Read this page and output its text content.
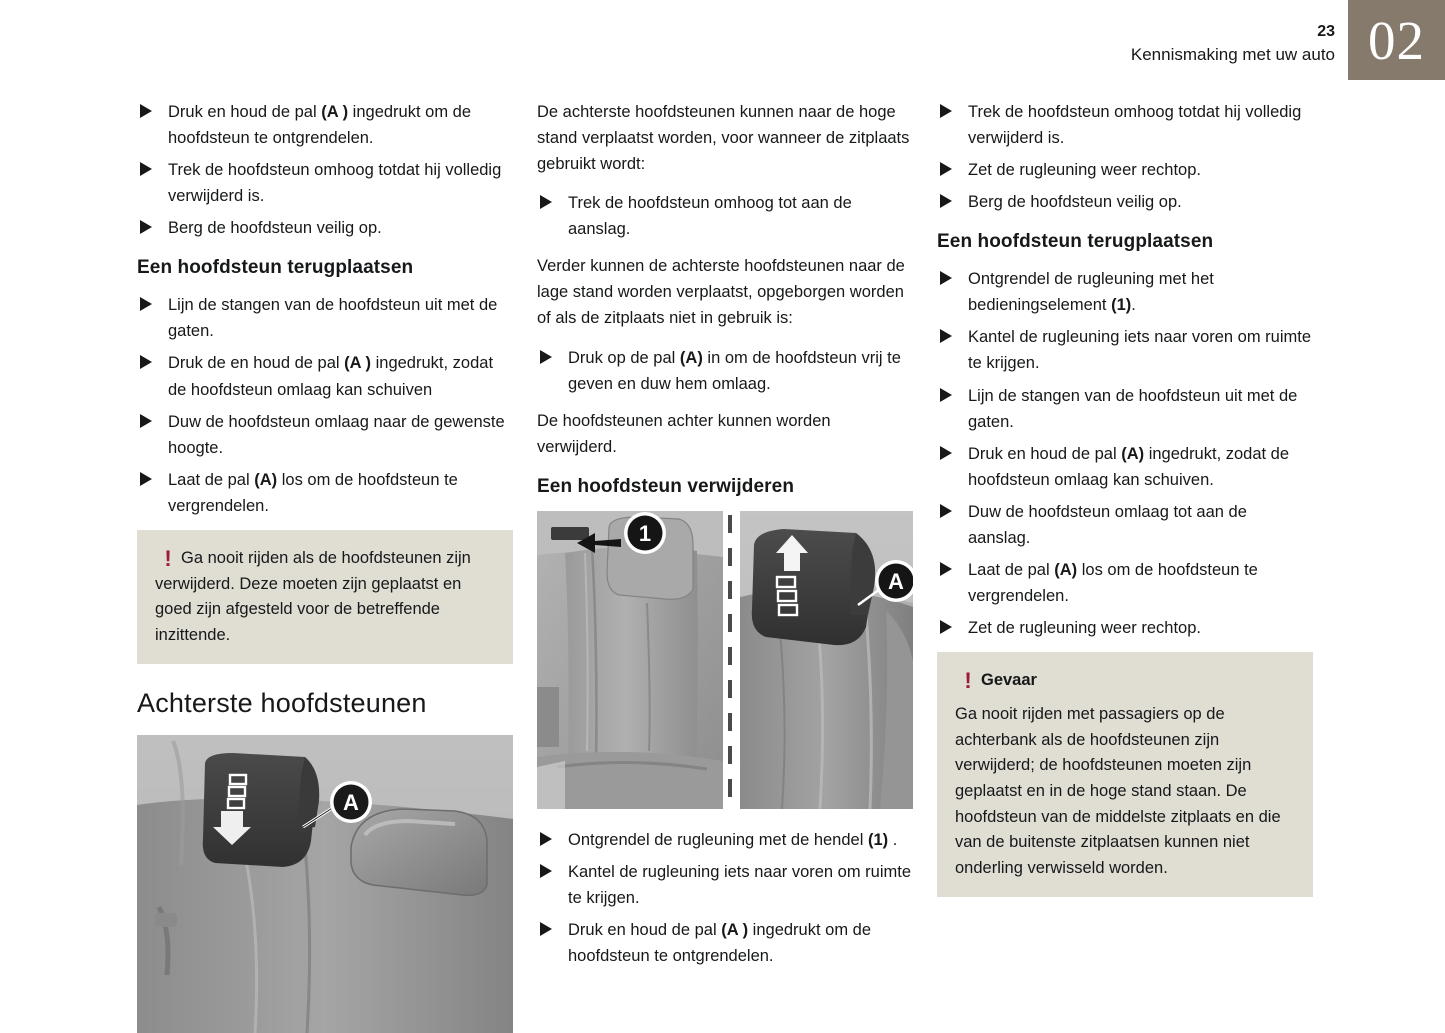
23
Kennismaking met uw auto 02
Druk en houd de pal (A ) ingedrukt om de hoofdsteun te ontgrendelen.
Trek de hoofdsteun omhoog totdat hij volledig verwijderd is.
Berg de hoofdsteun veilig op.
Een hoofdsteun terugplaatsen
Lijn de stangen van de hoofdsteun uit met de gaten.
Druk de en houd de pal (A ) ingedrukt, zodat de hoofdsteun omlaag kan schuiven
Duw de hoofdsteun omlaag naar de gewenste hoogte.
Laat de pal (A) los om de hoofdsteun te vergrendelen.
! Ga nooit rijden als de hoofdsteunen zijn verwijderd. Deze moeten zijn geplaatst en goed zijn afgesteld voor de betreffende inzittende.
Achterste hoofdsteunen
A

De achterste hoofdsteunen kunnen naar de hoge stand verplaatst worden, voor wanneer de zitplaats gebruikt wordt:

Trek de hoofdsteun omhoog tot aan de aanslag.

Verder kunnen de achterste hoofdsteunen naar de lage stand worden verplaatst, opgeborgen worden of als de zitplaats niet in gebruik is:

Druk op de pal (A) in om de hoofdsteun vrij te geven en duw hem omlaag.

De hoofdsteunen achter kunnen worden verwijderd.

Een hoofdsteun verwijderen
1
A
Ontgrendel de rugleuning met de hendel (1) .
Kantel de rugleuning iets naar voren om ruimte te krijgen.
Druk en houd de pal (A ) ingedrukt om de hoofdsteun te ontgrendelen.
Trek de hoofdsteun omhoog totdat hij volledig verwijderd is.
Zet de rugleuning weer rechtop.
Berg de hoofdsteun veilig op.
Een hoofdsteun terugplaatsen
Ontgrendel de rugleuning met het bedieningselement (1).
Kantel de rugleuning iets naar voren om ruimte te krijgen.
Lijn de stangen van de hoofdsteun uit met de gaten.
Druk en houd de pal (A) ingedrukt, zodat de hoofdsteun omlaag kan schuiven.
Duw de hoofdsteun omlaag tot aan de aanslag.
Laat de pal (A) los om de hoofdsteun te vergrendelen.
Zet de rugleuning weer rechtop.
! Gevaar
Ga nooit rijden met passagiers op de achterbank als de hoofdsteunen zijn verwijderd; de hoofdsteunen moeten zijn geplaatst en in de hoge stand staan. De hoofdsteun van de middelste zitplaats en die van de buitenste zitplaatsen kunnen niet onderling verwisseld worden.
